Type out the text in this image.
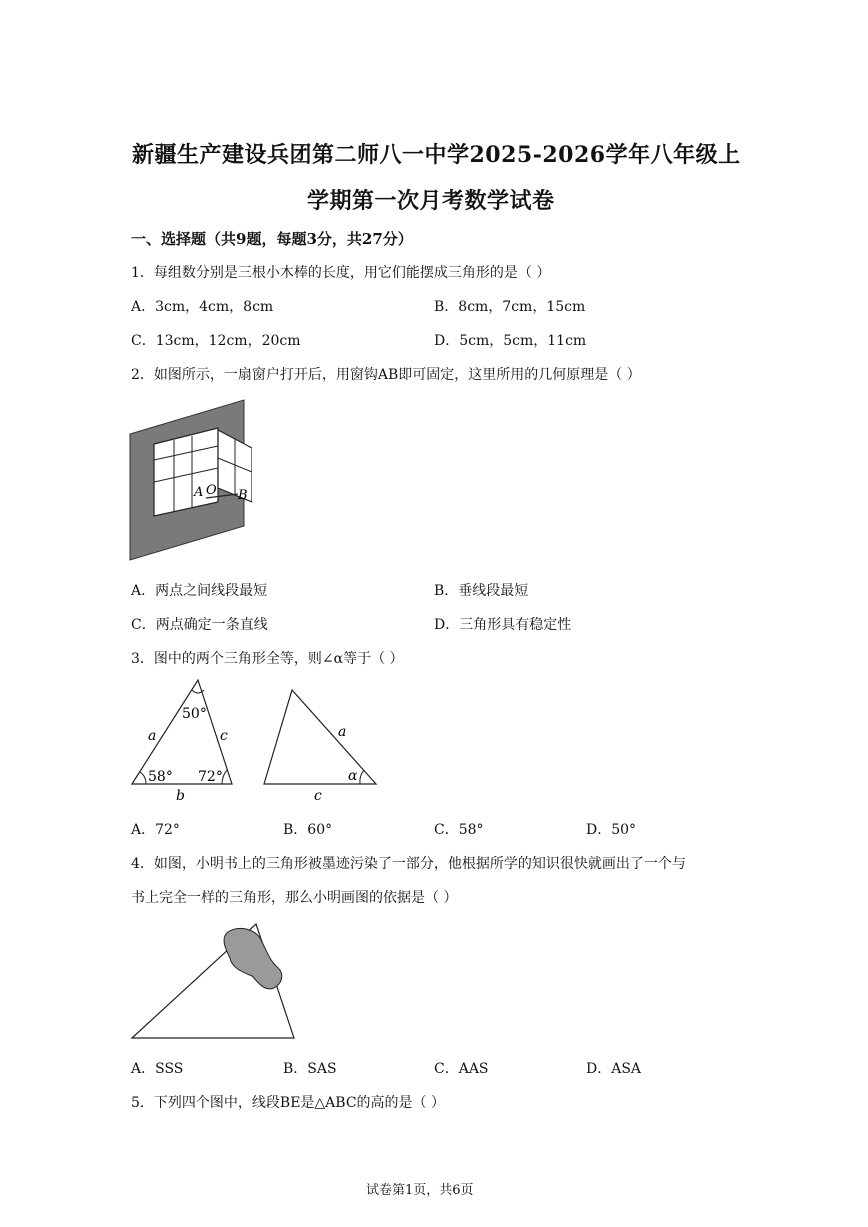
新疆生产建设兵团第二师八一中学2025-2026学年八年级上
学期第一次月考数学试卷
一、选择题（共9题，每题3分，共27分）
1．每组数分别是三根小木棒的长度，用它们能摆成三角形的是（ ）
A．3cm，4cm，8cm	B．8cm，7cm，15cm
C．13cm，12cm，20cm	D．5cm，5cm，11cm
2．如图所示，一扇窗户打开后，用窗钩AB即可固定，这里所用的几何原理是（ ）
A O B
A．两点之间线段最短	B．垂线段最短
C．两点确定一条直线	D．三角形具有稳定性
3．图中的两个三角形全等，则∠α等于（ ）
50°
a	c
58° 72°
b
a
α
c
A．72°	B．60°	C．58°	D．50°
4．如图，小明书上的三角形被墨迹污染了一部分，他根据所学的知识很快就画出了一个与
书上完全一样的三角形，那么小明画图的依据是（ ）
A．SSS	B．SAS	C．AAS	D．ASA
5．下列四个图中，线段BE是△ABC的高的是（ ）
试卷第1页，共6页
